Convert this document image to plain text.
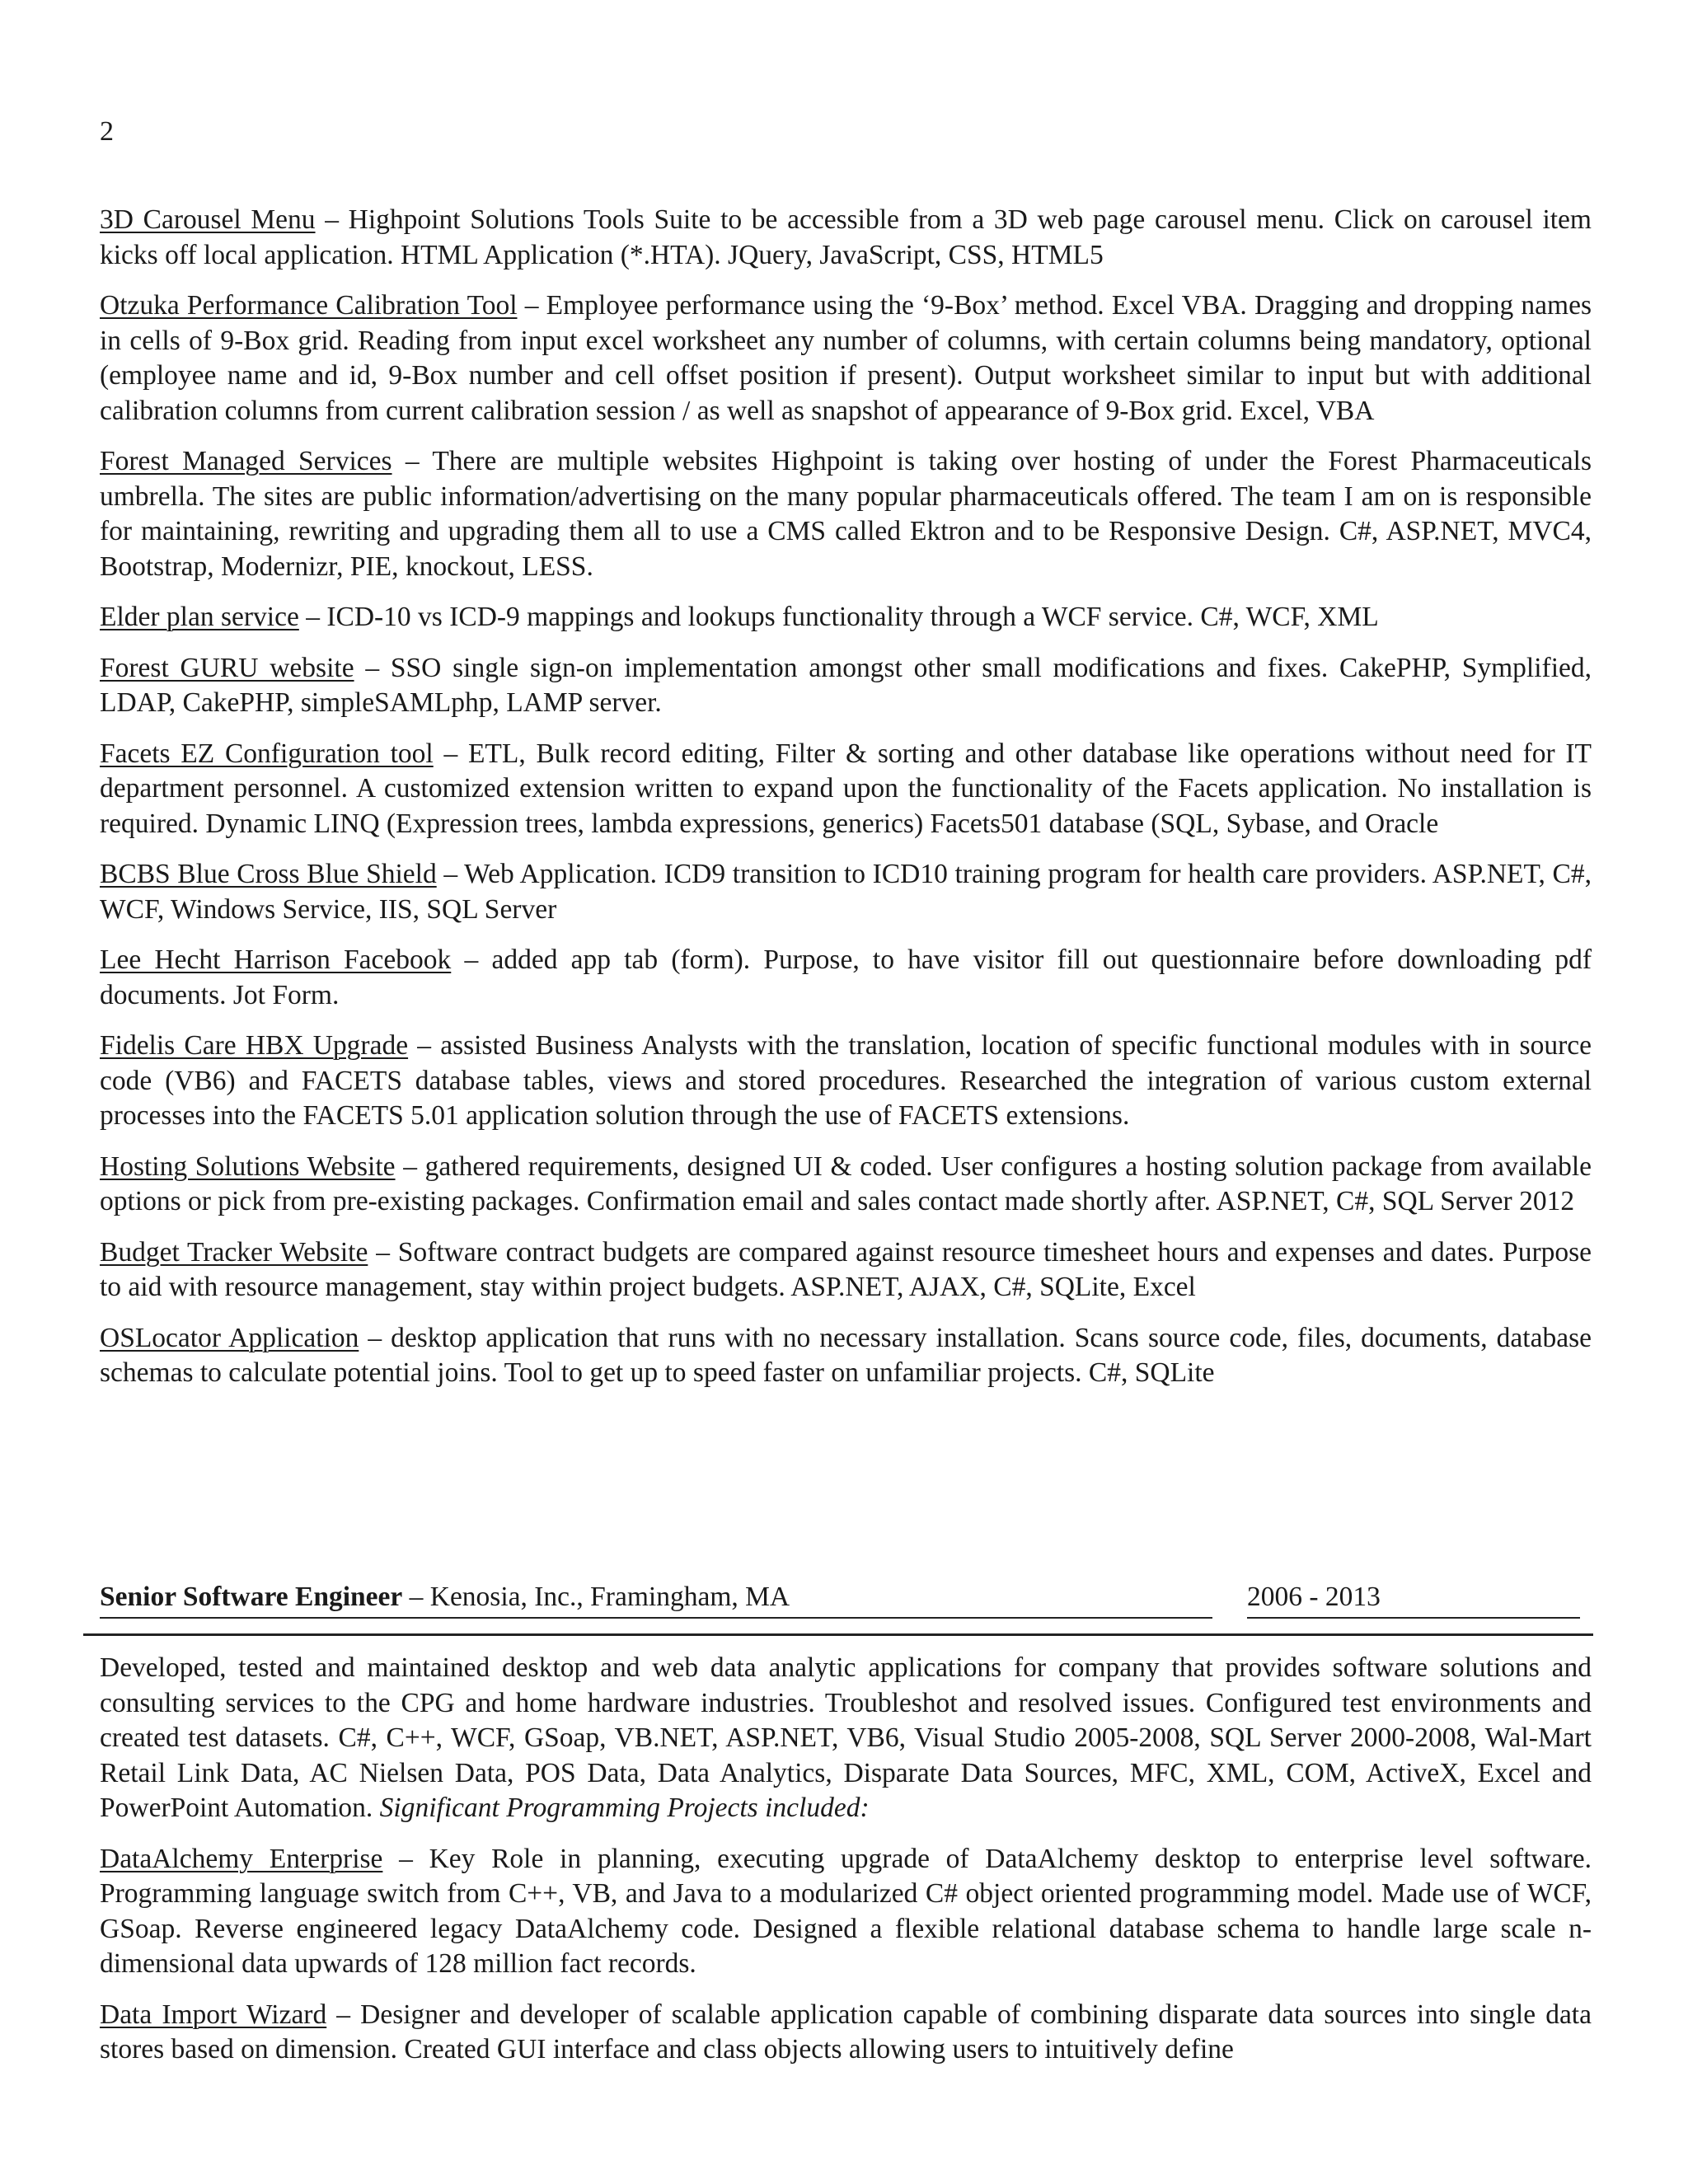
2

3D Carousel Menu – Highpoint Solutions Tools Suite to be accessible from a 3D web page carousel menu. Click on carousel item kicks off local application. HTML Application (*.HTA). JQuery, JavaScript, CSS, HTML5

Otzuka Performance Calibration Tool – Employee performance using the ‘9-Box’ method. Excel VBA. Dragging and dropping names in cells of 9-Box grid. Reading from input excel worksheet any number of columns, with certain columns being mandatory, optional (employee name and id, 9-Box number and cell offset position if present). Output worksheet similar to input but with additional calibration columns from current calibration session / as well as snapshot of appearance of 9-Box grid. Excel, VBA

Forest Managed Services – There are multiple websites Highpoint is taking over hosting of under the Forest Pharmaceuticals umbrella. The sites are public information/advertising on the many popular pharmaceuticals offered. The team I am on is responsible for maintaining, rewriting and upgrading them all to use a CMS called Ektron and to be Responsive Design. C#, ASP.NET, MVC4, Bootstrap, Modernizr, PIE, knockout, LESS.

Elder plan service – ICD-10 vs ICD-9 mappings and lookups functionality through a WCF service. C#, WCF, XML

Forest GURU website – SSO single sign-on implementation amongst other small modifications and fixes. CakePHP, Symplified, LDAP, CakePHP, simpleSAMLphp, LAMP server.

Facets EZ Configuration tool – ETL, Bulk record editing, Filter & sorting and other database like operations without need for IT department personnel. A customized extension written to expand upon the functionality of the Facets application. No installation is required. Dynamic LINQ (Expression trees, lambda expressions, generics) Facets501 database (SQL, Sybase, and Oracle

BCBS Blue Cross Blue Shield – Web Application. ICD9 transition to ICD10 training program for health care providers. ASP.NET, C#, WCF, Windows Service, IIS, SQL Server

Lee Hecht Harrison Facebook – added app tab (form). Purpose, to have visitor fill out questionnaire before downloading pdf documents. Jot Form.

Fidelis Care HBX Upgrade – assisted Business Analysts with the translation, location of specific functional modules with in source code (VB6) and FACETS database tables, views and stored procedures. Researched the integration of various custom external processes into the FACETS 5.01 application solution through the use of FACETS extensions.

Hosting Solutions Website – gathered requirements, designed UI & coded. User configures a hosting solution package from available options or pick from pre-existing packages. Confirmation email and sales contact made shortly after. ASP.NET, C#, SQL Server 2012

Budget Tracker Website – Software contract budgets are compared against resource timesheet hours and expenses and dates. Purpose to aid with resource management, stay within project budgets. ASP.NET, AJAX, C#, SQLite, Excel

OSLocator Application – desktop application that runs with no necessary installation. Scans source code, files, documents, database schemas to calculate potential joins. Tool to get up to speed faster on unfamiliar projects. C#, SQLite

Senior Software Engineer – Kenosia, Inc., Framingham, MA	2006 - 2013

Developed, tested and maintained desktop and web data analytic applications for company that provides software solutions and consulting services to the CPG and home hardware industries. Troubleshot and resolved issues. Configured test environments and created test datasets. C#, C++, WCF, GSoap, VB.NET, ASP.NET, VB6, Visual Studio 2005-2008, SQL Server 2000-2008, Wal-Mart Retail Link Data, AC Nielsen Data, POS Data, Data Analytics, Disparate Data Sources, MFC, XML, COM, ActiveX, Excel and PowerPoint Automation. Significant Programming Projects included:

DataAlchemy Enterprise – Key Role in planning, executing upgrade of DataAlchemy desktop to enterprise level software. Programming language switch from C++, VB, and Java to a modularized C# object oriented programming model. Made use of WCF, GSoap. Reverse engineered legacy DataAlchemy code. Designed a flexible relational database schema to handle large scale n-dimensional data upwards of 128 million fact records.

Data Import Wizard – Designer and developer of scalable application capable of combining disparate data sources into single data stores based on dimension. Created GUI interface and class objects allowing users to intuitively define
